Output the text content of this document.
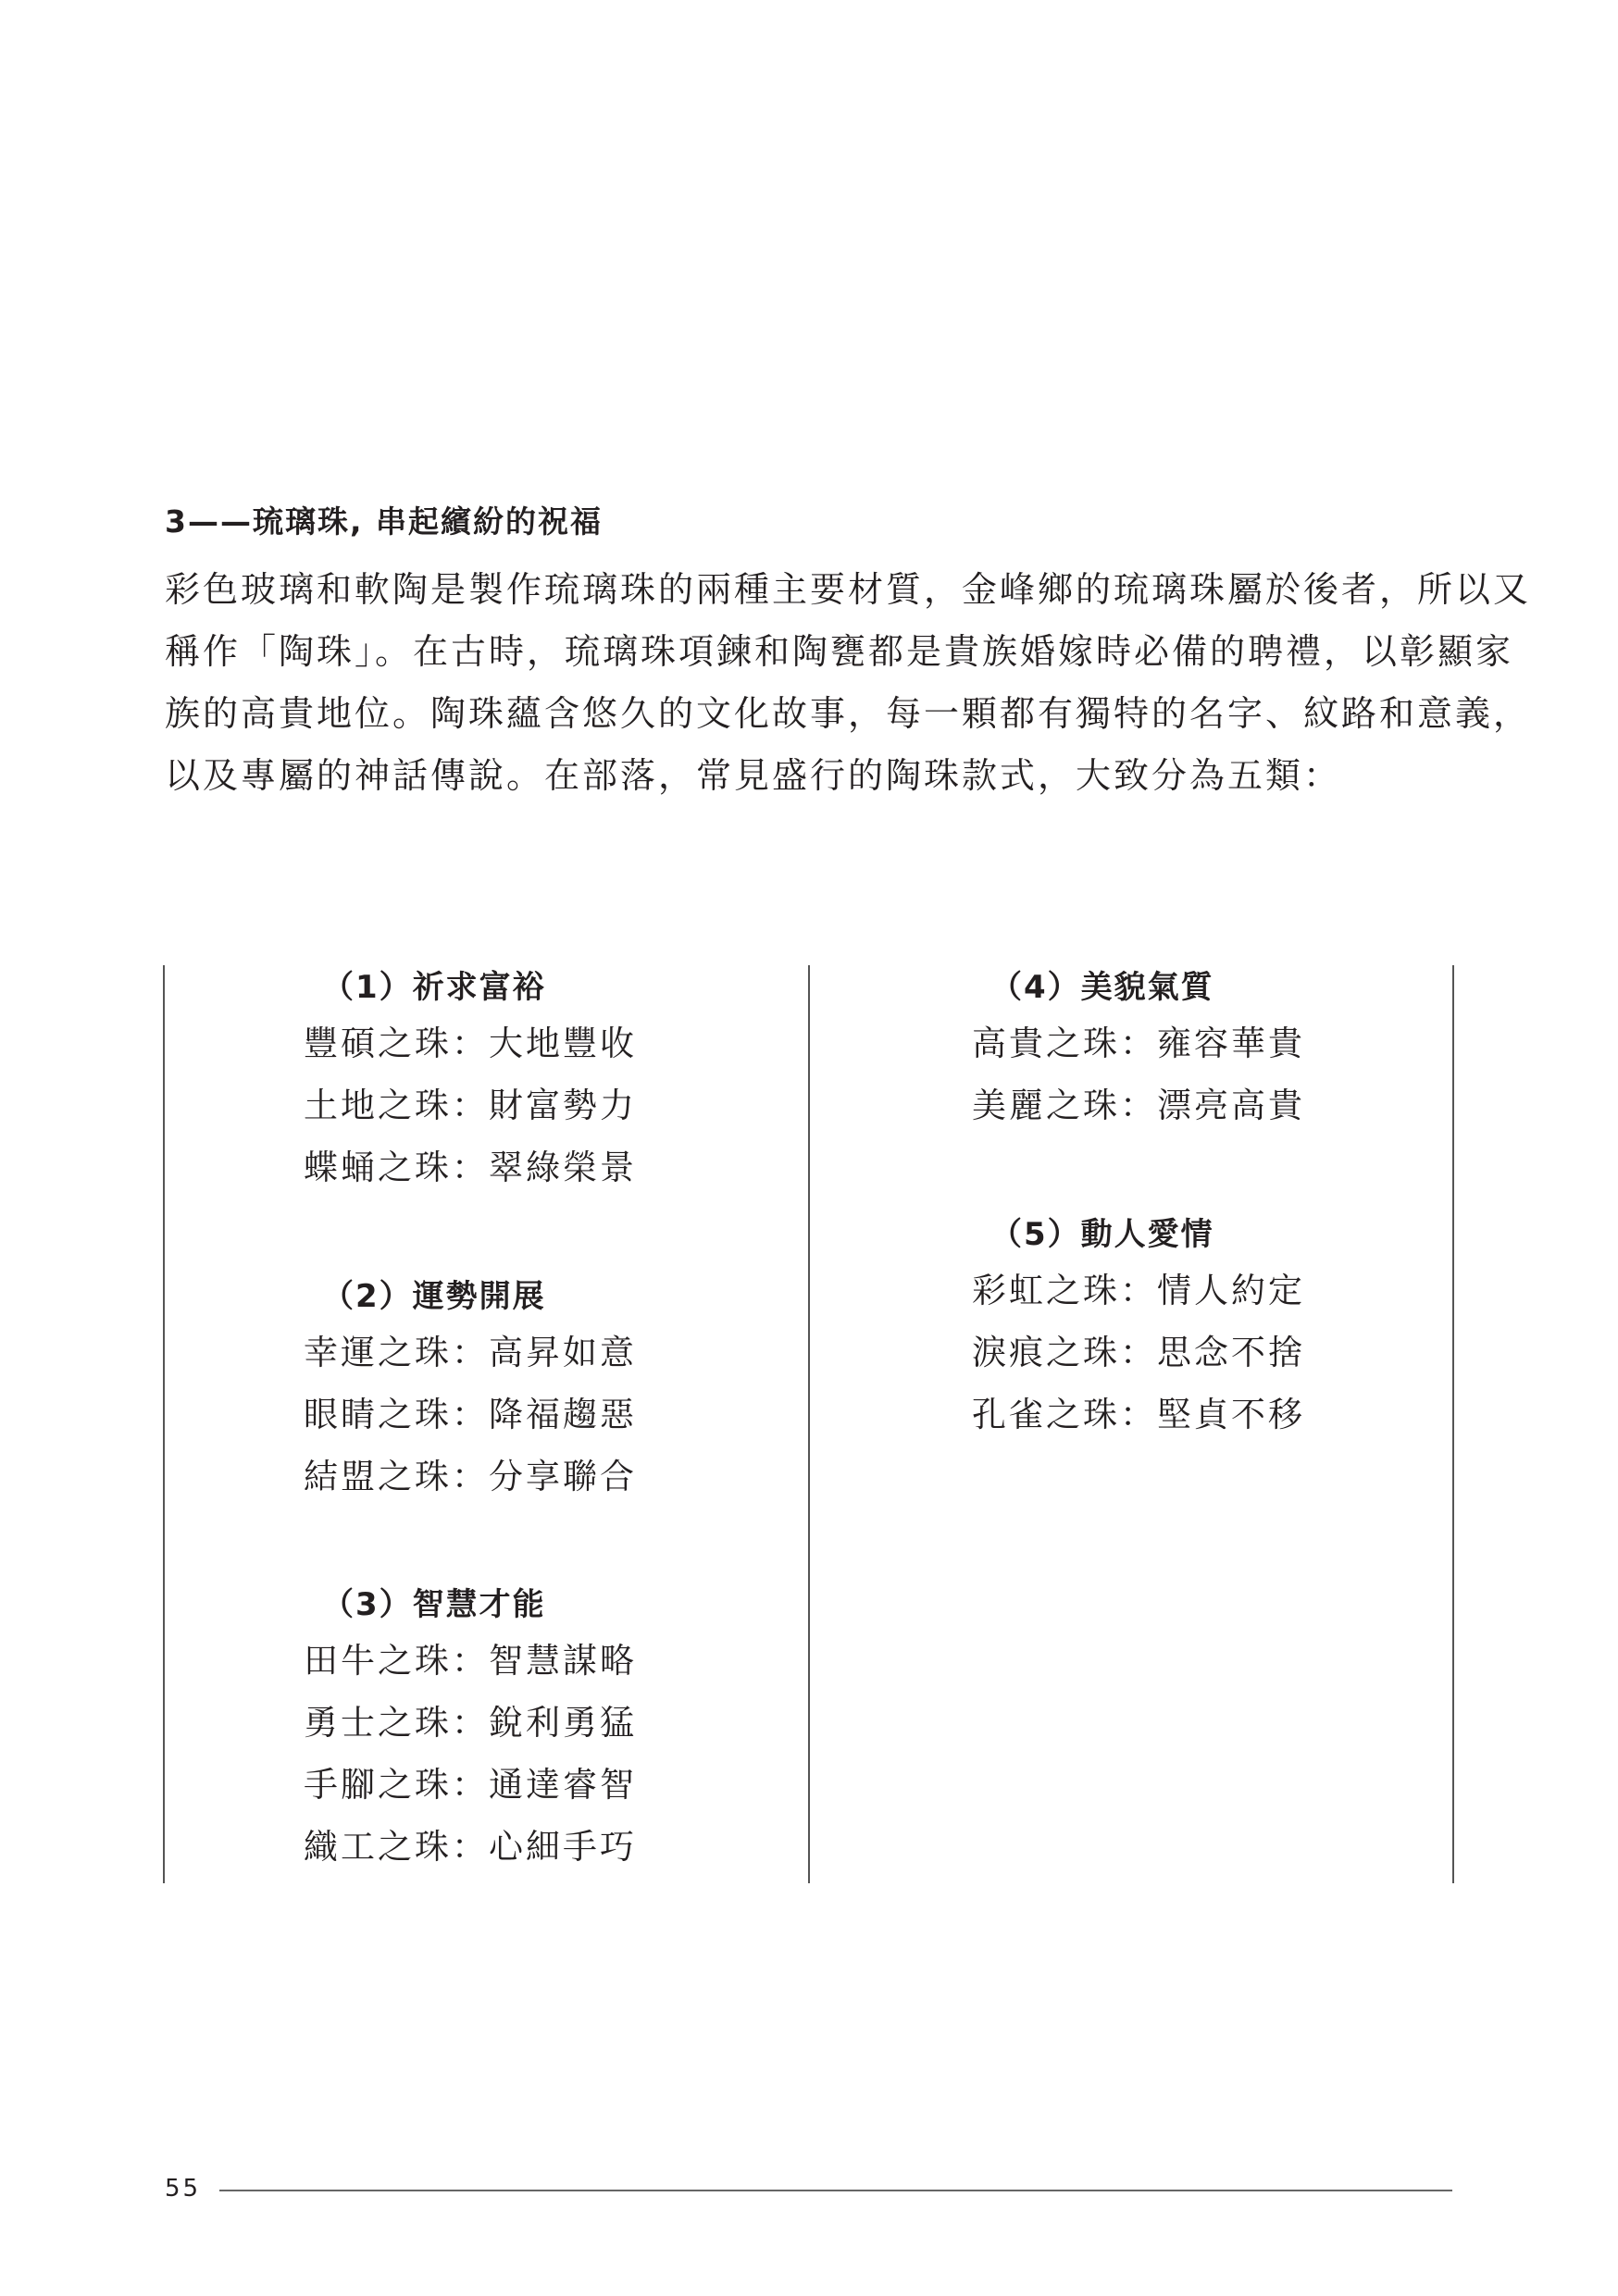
3——琉璃珠, 串起繽紛的祝福
彩色玻璃和軟陶是製作琉璃珠的兩種主要材質，金峰鄉的琉璃珠屬於後者，所以又
稱作「陶珠」。在古時，琉璃珠項鍊和陶甕都是貴族婚嫁時必備的聘禮，以彰顯家
族的高貴地位。陶珠蘊含悠久的文化故事，每一顆都有獨特的名字、紋路和意義，
以及專屬的神話傳說。在部落，常見盛行的陶珠款式，大致分為五類：
（1）祈求富裕
豐碩之珠：大地豐收
土地之珠：財富勢力
蝶蛹之珠：翠綠榮景
（2）運勢開展
幸運之珠：高昇如意
眼睛之珠：降福趨惡
結盟之珠：分享聯合
（3）智慧才能
田牛之珠：智慧謀略
勇士之珠：銳利勇猛
手腳之珠：通達睿智
織工之珠：心細手巧
（4）美貌氣質
高貴之珠：雍容華貴
美麗之珠：漂亮高貴
（5）動人愛情
彩虹之珠：情人約定
淚痕之珠：思念不捨
孔雀之珠：堅貞不移
55
